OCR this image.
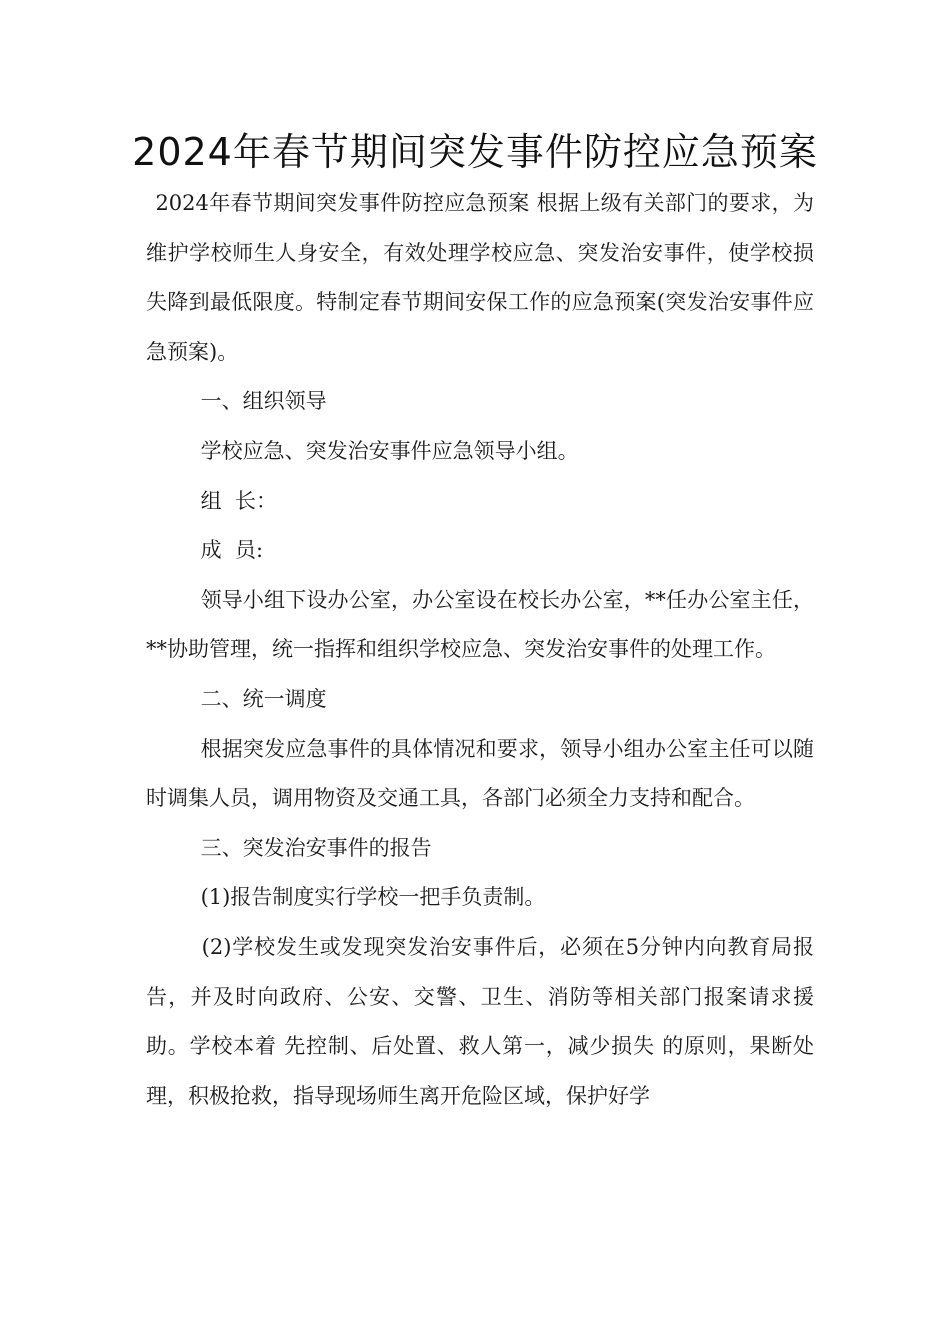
2024年春节期间突发事件防控应急预案

2024年春节期间突发事件防控应急预案 根据上级有关部门的要求，为维护学校师生人身安全，有效处理学校应急、突发治安事件，使学校损失降到最低限度。特制定春节期间安保工作的应急预案(突发治安事件应急预案)。

一、组织领导

学校应急、突发治安事件应急领导小组。

组  长：

成  员:

领导小组下设办公室，办公室设在校长办公室，**任办公室主任，**协助管理，统一指挥和组织学校应急、突发治安事件的处理工作。

二、统一调度

根据突发应急事件的具体情况和要求，领导小组办公室主任可以随时调集人员，调用物资及交通工具，各部门必须全力支持和配合。

三、突发治安事件的报告

(1)报告制度实行学校一把手负责制。

(2)学校发生或发现突发治安事件后，必须在5分钟内向教育局报告，并及时向政府、公安、交警、卫生、消防等相关部门报案请求援助。学校本着 先控制、后处置、救人第一，减少损失 的原则，果断处理，积极抢救，指导现场师生离开危险区域，保护好学
